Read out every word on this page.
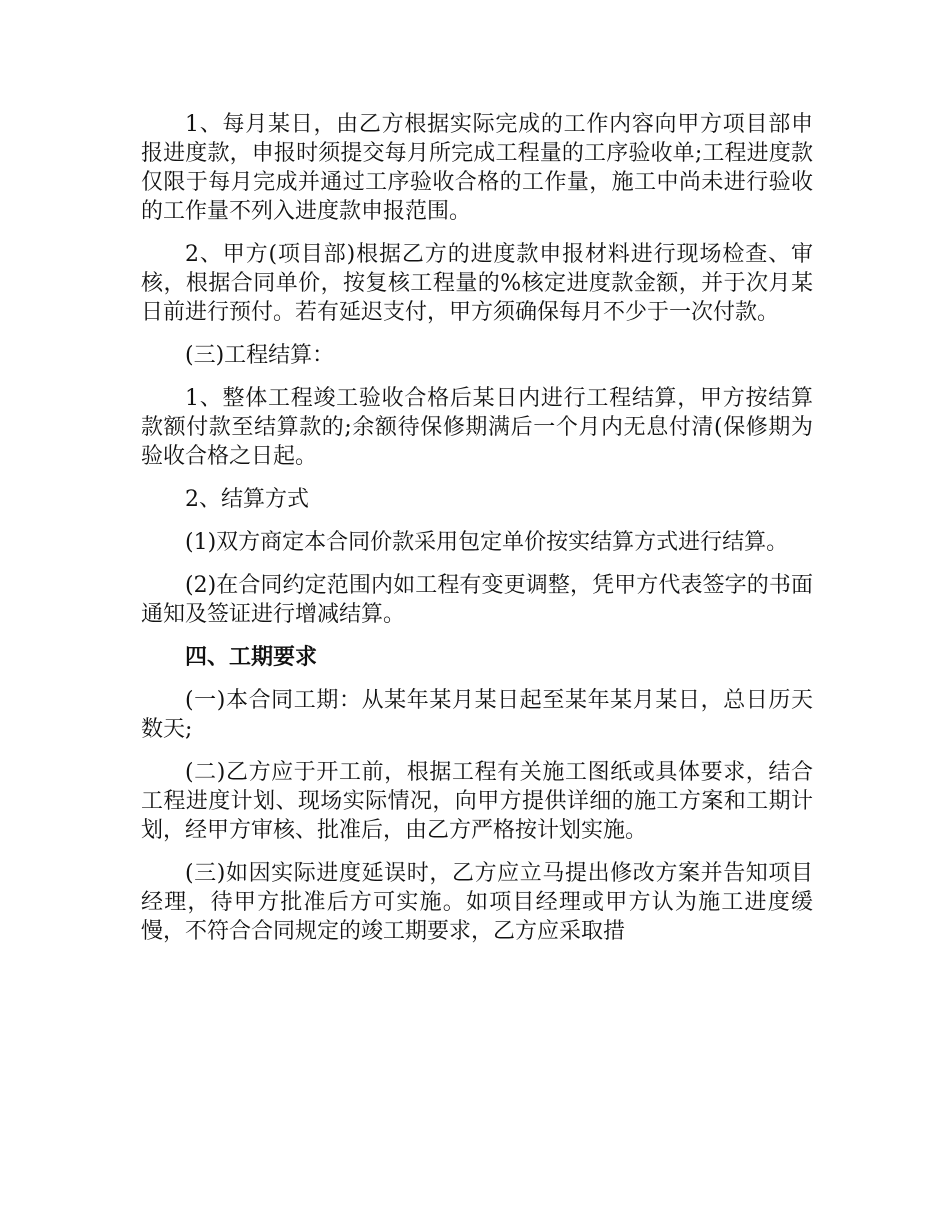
1、每月某日，由乙方根据实际完成的工作内容向甲方项目部申报进度款，申报时须提交每月所完成工程量的工序验收单;工程进度款仅限于每月完成并通过工序验收合格的工作量，施工中尚未进行验收的工作量不列入进度款申报范围。

2、甲方(项目部)根据乙方的进度款申报材料进行现场检查、审核，根据合同单价，按复核工程量的%核定进度款金额，并于次月某日前进行预付。若有延迟支付，甲方须确保每月不少于一次付款。

(三)工程结算：

1、整体工程竣工验收合格后某日内进行工程结算，甲方按结算款额付款至结算款的;余额待保修期满后一个月内无息付清(保修期为验收合格之日起。

2、结算方式

(1)双方商定本合同价款采用包定单价按实结算方式进行结算。

(2)在合同约定范围内如工程有变更调整，凭甲方代表签字的书面通知及签证进行增减结算。

四、工期要求

(一)本合同工期：从某年某月某日起至某年某月某日，总日历天数天;

(二)乙方应于开工前，根据工程有关施工图纸或具体要求，结合工程进度计划、现场实际情况，向甲方提供详细的施工方案和工期计划，经甲方审核、批准后，由乙方严格按计划实施。

(三)如因实际进度延误时，乙方应立马提出修改方案并告知项目经理，待甲方批准后方可实施。如项目经理或甲方认为施工进度缓慢，不符合合同规定的竣工期要求，乙方应采取措
